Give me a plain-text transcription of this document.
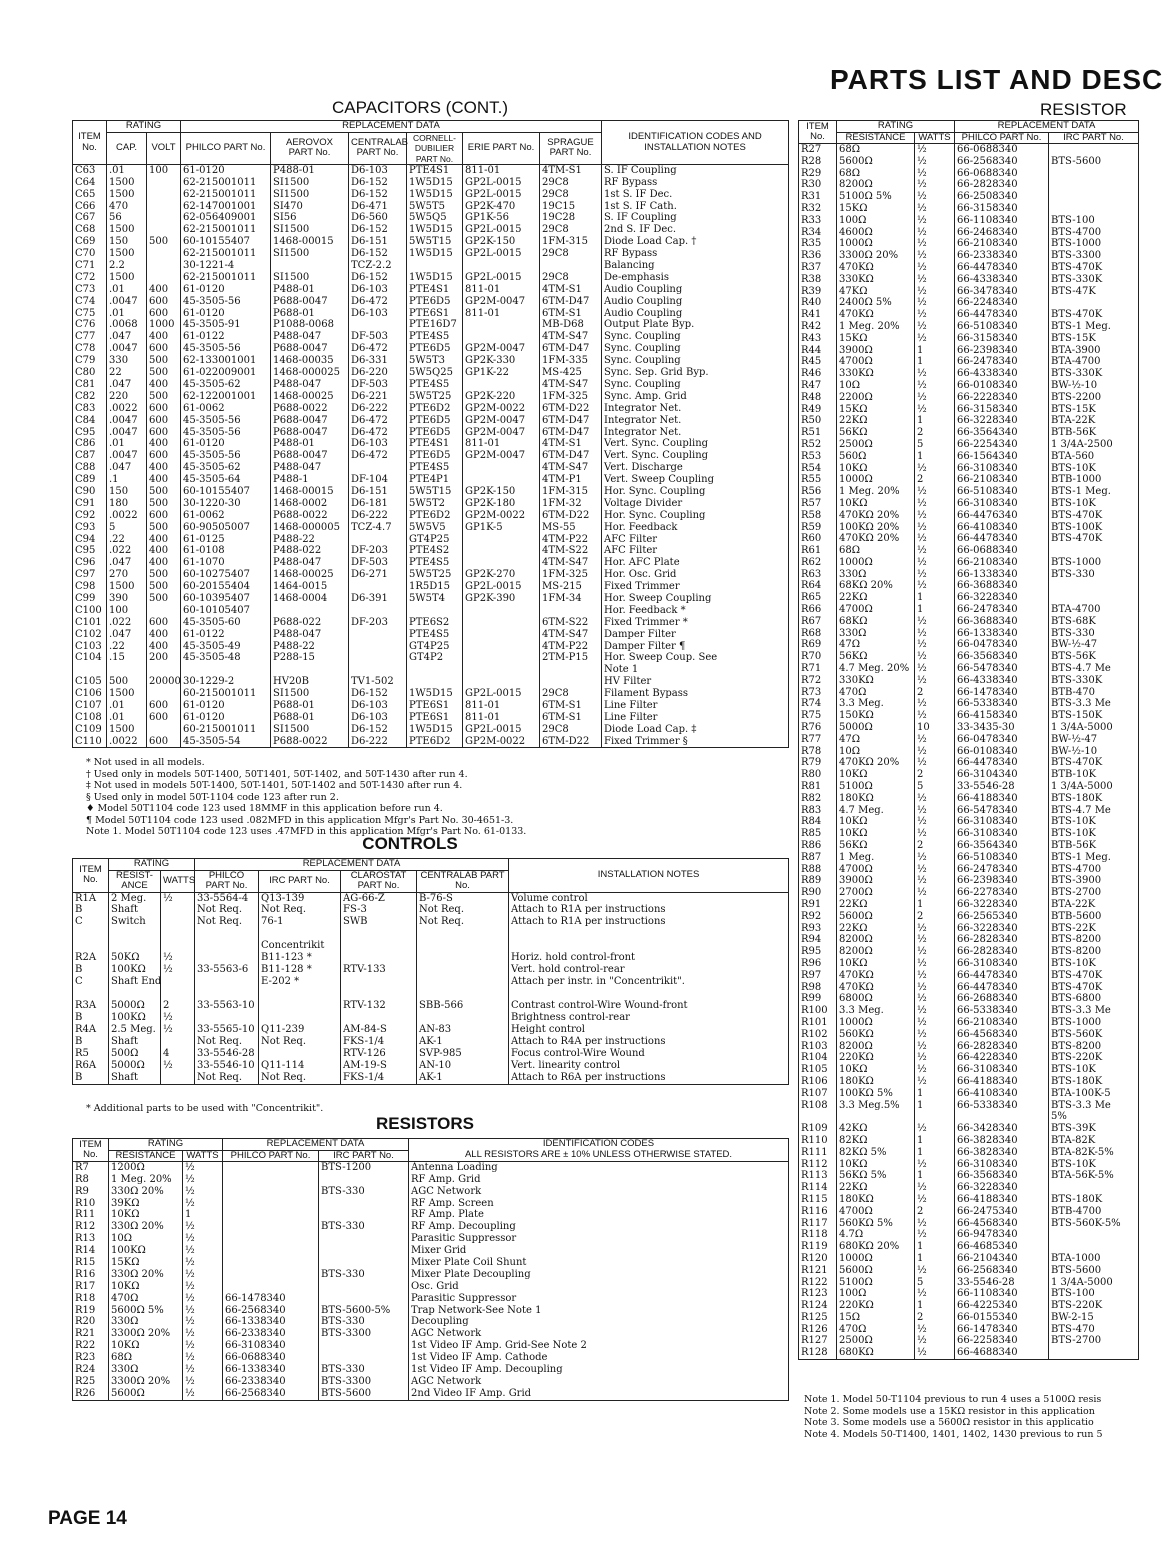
PARTS LIST AND DESC
RESISTOR
CAPACITORS (CONT.)
ITEM No.	RATING		REPLACEMENT DATA						IDENTIFICATION CODES AND INSTALLATION NOTES
			PHILCO PART No.	AEROVOX PART No.	CENTRALAB PART No.	CORNELL-DUBILIER PART No.	ERIE PART No.	SPRAGUE PART No.	
	CAP.	VOLT							
C63	.01	100	61-0120	P488-01	D6-103	PTE4S1	811-01	4TM-S1	S. IF Coupling
C64	1500		62-215001011	SI1500	D6-152	1W5D15	GP2L-0015	29C8	RF Bypass
C65	1500		62-215001011	SI1500	D6-152	1W5D15	GP2L-0015	29C8	1st S. IF Dec.
C66	470		62-147001001	SI470	D6-471	5W5T5	GP2K-470	19C15	1st S. IF Cath.
C67	56		62-056409001	SI56	D6-560	5W5Q5	GP1K-56	19C28	S. IF Coupling
C68	1500		62-215001011	SI1500	D6-152	1W5D15	GP2L-0015	29C8	2nd S. IF Dec.
C69	150	500	60-10155407	1468-00015	D6-151	5W5T15	GP2K-150	1FM-315	Diode Load Cap. †
C70	1500		62-215001011	SI1500	D6-152	1W5D15	GP2L-0015	29C8	RF Bypass
C71	2.2		30-1221-4		TCZ-2.2				Balancing
C72	1500		62-215001011	SI1500	D6-152	1W5D15	GP2L-0015	29C8	De-emphasis
C73	.01	400	61-0120	P488-01	D6-103	PTE4S1	811-01	4TM-S1	Audio Coupling
C74	.0047	600	45-3505-56	P688-0047	D6-472	PTE6D5	GP2M-0047	6TM-D47	Audio Coupling
C75	.01	600	61-0120	P688-01	D6-103	PTE6S1	811-01	6TM-S1	Audio Coupling
C76	.0068	1000	45-3505-91	P1088-0068		PTE16D7		MB-D68	Output Plate Byp.
C77	.047	400	61-0122	P488-047	DF-503	PTE4S5		4TM-S47	Sync. Coupling
C78	.0047	600	45-3505-56	P688-0047	D6-472	PTE6D5	GP2M-0047	6TM-D47	Sync. Coupling
C79	330	500	62-133001001	1468-00035	D6-331	5W5T3	GP2K-330	1FM-335	Sync. Coupling
C80	22	500	61-022009001	1468-000025	D6-220	5W5Q25	GP1K-22	MS-425	Sync. Sep. Grid Byp.
C81	.047	400	45-3505-62	P488-047	DF-503	PTE4S5		4TM-S47	Sync. Coupling
C82	220	500	62-122001001	1468-00025	D6-221	5W5T25	GP2K-220	1FM-325	Sync. Amp. Grid
C83	.0022	600	61-0062	P688-0022	D6-222	PTE6D2	GP2M-0022	6TM-D22	Integrator Net.
C84	.0047	600	45-3505-56	P688-0047	D6-472	PTE6D5	GP2M-0047	6TM-D47	Integrator Net.
C95	.0047	600	45-3505-56	P688-0047	D6-472	PTE6D5	GP2M-0047	6TM-D47	Integrator Net.
C86	.01	400	61-0120	P488-01	D6-103	PTE4S1	811-01	4TM-S1	Vert. Sync. Coupling
C87	.0047	600	45-3505-56	P688-0047	D6-472	PTE6D5	GP2M-0047	6TM-D47	Vert. Sync. Coupling
C88	.047	400	45-3505-62	P488-047		PTE4S5		4TM-S47	Vert. Discharge
C89	.1	400	45-3505-64	P488-1	DF-104	PTE4P1		4TM-P1	Vert. Sweep Coupling
C90	150	500	60-10155407	1468-00015	D6-151	5W5T15	GP2K-150	1FM-315	Hor. Sync. Coupling
C91	180	500	30-1220-30	1468-0002	D6-181	5W5T2	GP2K-180	1FM-32	Voltage Divider
C92	.0022	600	61-0062	P688-0022	D6-222	PTE6D2	GP2M-0022	6TM-D22	Hor. Sync. Coupling
C93	5	500	60-90505007	1468-000005	TCZ-4.7	5W5V5	GP1K-5	MS-55	Hor. Feedback
C94	.22	400	61-0125	P488-22		GT4P25		4TM-P22	AFC Filter
C95	.022	400	61-0108	P488-022	DF-203	PTE4S2		4TM-S22	AFC Filter
C96	.047	400	61-1070	P488-047	DF-503	PTE4S5		4TM-S47	Hor. AFC Plate
C97	270	500	60-10275407	1468-00025	D6-271	5W5T25	GP2K-270	1FM-325	Hor. Osc. Grid
C98	1500	500	60-20155404	1464-0015		1R5D15	GP2L-0015	MS-215	Fixed Trimmer
C99	390	500	60-10395407	1468-0004	D6-391	5W5T4	GP2K-390	1FM-34	Hor. Sweep Coupling
C100	100		60-10105407						Hor. Feedback *
C101	.022	600	45-3505-60	P688-022	DF-203	PTE6S2		6TM-S22	Fixed Trimmer *
C102	.047	400	61-0122	P488-047		PTE4S5		4TM-S47	Damper Filter
C103	.22	400	45-3505-49	P488-22		GT4P25		4TM-P22	Damper Filter ¶
C104	.15	200	45-3505-48	P288-15		GT4P2		2TM-P15	Hor. Sweep Coup. See
									Note 1
C105	500	20000	30-1229-2	HV20B	TV1-502				HV Filter
C106	1500		60-215001011	SI1500	D6-152	1W5D15	GP2L-0015	29C8	Filament Bypass
C107	.01	600	61-0120	P688-01	D6-103	PTE6S1	811-01	6TM-S1	Line Filter
C108	.01	600	61-0120	P688-01	D6-103	PTE6S1	811-01	6TM-S1	Line Filter
C109	1500		60-215001011	SI1500	D6-152	1W5D15	GP2L-0015	29C8	Diode Load Cap. ‡
C110	.0022	600	45-3505-54	P688-0022	D6-222	PTE6D2	GP2M-0022	6TM-D22	Fixed Trimmer §
* Not used in all models.
† Used only in models 50T-1400, 50T1401, 50T-1402, and 50T-1430 after run 4.
‡ Not used in models 50T-1400, 50T-1401, 50T-1402 and 50T-1430 after run 4.
§ Used only in model 50T-1104 code 123 after run 2.
♦ Model 50T1104 code 123 used 18MMF in this application before run 4.
¶ Model 50T1104 code 123 used .082MFD in this application Mfgr's Part No. 30-4651-3.
Note 1. Model 50T1104 code 123 uses .47MFD in this application Mfgr's Part No. 61-0133.
CONTROLS
ITEM No.	RATING		REPLACEMENT DATA				INSTALLATION NOTES
			PHILCO PART No.	IRC PART No.	CLAROSTAT PART No.	CENTRALAB PART No.	
	RESIST-ANCE	WATTS					
R1A	2 Meg.	½	33-5564-4	Q13-139	AG-66-Z	B-76-S	Volume control
B	Shaft		Not Req.	Not Req.	FS-3	Not Req.	Attach to R1A per instructions
C	Switch		Not Req.	76-1	SWB	Not Req.	Attach to R1A per instructions

				Concentrikit			
R2A	50KΩ	½		B11-123 *			Horiz. hold control-front
B	100KΩ	½	33-5563-6	B11-128 *	RTV-133		Vert. hold control-rear
C	Shaft End			E-202 *			Attach per instr. in "Concentrikit".

R3A	5000Ω	2	33-5563-10		RTV-132	SBB-566	Contrast control-Wire Wound-front
B	100KΩ	½					Brightness control-rear
R4A	2.5 Meg.	½	33-5565-10	Q11-239	AM-84-S	AN-83	Height control
B	Shaft		Not Req.	Not Req.	FKS-1/4	AK-1	Attach to R4A per instructions
R5	500Ω	4	33-5546-28		RTV-126	SVP-985	Focus control-Wire Wound
R6A	5000Ω	½	33-5546-10	Q11-114	AM-19-S	AN-10	Vert. linearity control
B	Shaft		Not Req.	Not Req.	FKS-1/4	AK-1	Attach to R6A per instructions
* Additional parts to be used with "Concentrikit".
RESISTORS
ITEM No.	RATING		REPLACEMENT DATA		IDENTIFICATION CODES
			PHILCO PART No.	IRC PART No.	
	RESISTANCE	WATTS			ALL RESISTORS ARE ± 10% UNLESS OTHERWISE STATED.
R7	1200Ω	½		BTS-1200	Antenna Loading
R8	1 Meg. 20%	½			RF Amp. Grid
R9	330Ω 20%	½		BTS-330	AGC Network
R10	39KΩ	½			RF Amp. Screen
R11	10KΩ	1			RF Amp. Plate
R12	330Ω 20%	½		BTS-330	RF Amp. Decoupling
R13	10Ω	½			Parasitic Suppressor
R14	100KΩ	½			Mixer Grid
R15	15KΩ	½			Mixer Plate Coil Shunt
R16	330Ω 20%	½		BTS-330	Mixer Plate Decoupling
R17	10KΩ	½			Osc. Grid
R18	470Ω	½	66-1478340		Parasitic Suppressor
R19	5600Ω 5%	½	66-2568340	BTS-5600-5%	Trap Network-See Note 1
R20	330Ω	½	66-1338340	BTS-330	Decoupling
R21	3300Ω 20%	½	66-2338340	BTS-3300	AGC Network
R22	10KΩ	½	66-3108340		1st Video IF Amp. Grid-See Note 2
R23	68Ω	½	66-0688340		1st Video IF Amp. Cathode
R24	330Ω	½	66-1338340	BTS-330	1st Video IF Amp. Decoupling
R25	3300Ω 20%	½	66-2338340	BTS-3300	AGC Network
R26	5600Ω	½	66-2568340	BTS-5600	2nd Video IF Amp. Grid
ITEM No.	RATING		REPLACEMENT DATA	
			PHILCO PART No.	IRC PART No.
	RESISTANCE	WATTS		
R27	68Ω	½	66-0688340	
R28	5600Ω	½	66-2568340	BTS-5600
R29	68Ω	½	66-0688340	
R30	8200Ω	½	66-2828340	
R31	5100Ω 5%	½	66-2508340	
R32	15KΩ	½	66-3158340	
R33	100Ω	½	66-1108340	BTS-100
R34	4600Ω	½	66-2468340	BTS-4700
R35	1000Ω	½	66-2108340	BTS-1000
R36	3300Ω 20%	½	66-2338340	BTS-3300
R37	470KΩ	½	66-4478340	BTS-470K
R38	330KΩ	½	66-4338340	BTS-330K
R39	47KΩ	½	66-3478340	BTS-47K
R40	2400Ω 5%	½	66-2248340	
R41	470KΩ	½	66-4478340	BTS-470K
R42	1 Meg. 20%	½	66-5108340	BTS-1 Meg.
R43	15KΩ	½	66-3158340	BTS-15K
R44	3900Ω	1	66-2398340	BTA-3900
R45	4700Ω	1	66-2478340	BTA-4700
R46	330KΩ	½	66-4338340	BTS-330K
R47	10Ω	½	66-0108340	BW-½-10
R48	2200Ω	½	66-2228340	BTS-2200
R49	15KΩ	½	66-3158340	BTS-15K
R50	22KΩ	1	66-3228340	BTA-22K
R51	56KΩ	2	66-3564340	BTB-56K
R52	2500Ω	5	66-2254340	1 3/4A-2500
R53	560Ω	1	66-1564340	BTA-560
R54	10KΩ	½	66-3108340	BTS-10K
R55	1000Ω	2	66-2108340	BTB-1000
R56	1 Meg. 20%	½	66-5108340	BTS-1 Meg.
R57	10KΩ	½	66-3108340	BTS-10K
R58	470KΩ 20%	½	66-4476340	BTS-470K
R59	100KΩ 20%	½	66-4108340	BTS-100K
R60	470KΩ 20%	½	66-4478340	BTS-470K
R61	68Ω	½	66-0688340	
R62	1000Ω	½	66-2108340	BTS-1000
R63	330Ω	½	66-1338340	BTS-330
R64	68KΩ 20%	½	66-3688340	
R65	22KΩ	1	66-3228340	
R66	4700Ω	1	66-2478340	BTA-4700
R67	68KΩ	½	66-3688340	BTS-68K
R68	330Ω	½	66-1338340	BTS-330
R69	47Ω	½	66-0478340	BW-½-47
R70	56KΩ	½	66-3568340	BTS-56K
R71	4.7 Meg. 20%	½	66-5478340	BTS-4.7 Me
R72	330KΩ	½	66-4338340	BTS-330K
R73	470Ω	2	66-1478340	BTB-470
R74	3.3 Meg.	½	66-5338340	BTS-3.3 Me
R75	150KΩ	½	66-4158340	BTS-150K
R76	5000Ω	10	33-3435-30	1 3/4A-5000
R77	47Ω	½	66-0478340	BW-½-47
R78	10Ω	½	66-0108340	BW-½-10
R79	470KΩ 20%	½	66-4478340	BTS-470K
R80	10KΩ	2	66-3104340	BTB-10K
R81	5100Ω	5	33-5546-28	1 3/4A-5000
R82	180KΩ	½	66-4188340	BTS-180K
R83	4.7 Meg.	½	66-5478340	BTS-4.7 Me
R84	10KΩ	½	66-3108340	BTS-10K
R85	10KΩ	½	66-3108340	BTS-10K
R86	56KΩ	2	66-3564340	BTB-56K
R87	1 Meg.	½	66-5108340	BTS-1 Meg.
R88	4700Ω	½	66-2478340	BTS-4700
R89	3900Ω	½	66-2398340	BTS-3900
R90	2700Ω	½	66-2278340	BTS-2700
R91	22KΩ	1	66-3228340	BTA-22K
R92	5600Ω	2	66-2565340	BTB-5600
R93	22KΩ	½	66-3228340	BTS-22K
R94	8200Ω	½	66-2828340	BTS-8200
R95	8200Ω	½	66-2828340	BTS-8200
R96	10KΩ	½	66-3108340	BTS-10K
R97	470KΩ	½	66-4478340	BTS-470K
R98	470KΩ	½	66-4478340	BTS-470K
R99	6800Ω	½	66-2688340	BTS-6800
R100	3.3 Meg.	½	66-5338340	BTS-3.3 Me
R101	1000Ω	½	66-2108340	BTS-1000
R102	560KΩ	½	66-4568340	BTS-560K
R103	8200Ω	½	66-2828340	BTS-8200
R104	220KΩ	½	66-4228340	BTS-220K
R105	10KΩ	½	66-3108340	BTS-10K
R106	180KΩ	½	66-4188340	BTS-180K
R107	100KΩ 5%	1	66-4108340	BTA-100K-5
R108	3.3 Meg.5%	1	66-5338340	BTS-3.3 Me
				5%
R109	42KΩ	½	66-3428340	BTS-39K
R110	82KΩ	1	66-3828340	BTA-82K
R111	82KΩ 5%	1	66-3828340	BTA-82K-5%
R112	10KΩ	½	66-3108340	BTS-10K
R113	56KΩ 5%	1	66-3568340	BTA-56K-5%
R114	22KΩ	½	66-3228340	
R115	180KΩ	½	66-4188340	BTS-180K
R116	4700Ω	2	66-2475340	BTB-4700
R117	560KΩ 5%	½	66-4568340	BTS-560K-5%
R118	4.7Ω	½	66-9478340	
R119	680KΩ 20%	1	66-4685340	
R120	1000Ω	1	66-2104340	BTA-1000
R121	5600Ω	½	66-2568340	BTS-5600
R122	5100Ω	5	33-5546-28	1 3/4A-5000
R123	100Ω	½	66-1108340	BTS-100
R124	220KΩ	1	66-4225340	BTS-220K
R125	15Ω	2	66-0155340	BW-2-15
R126	470Ω	½	66-1478340	BTS-470
R127	2500Ω	½	66-2258340	BTS-2700
R128	680KΩ	½	66-4688340	
Note 1. Model 50-T1104 previous to run 4 uses a 5100Ω resis
Note 2. Some models use a 15KΩ resistor in this application
Note 3. Some models use a 5600Ω resistor in this applicatio
Note 4. Models 50-T1400, 1401, 1402, 1430 previous to run 5
PAGE 14
